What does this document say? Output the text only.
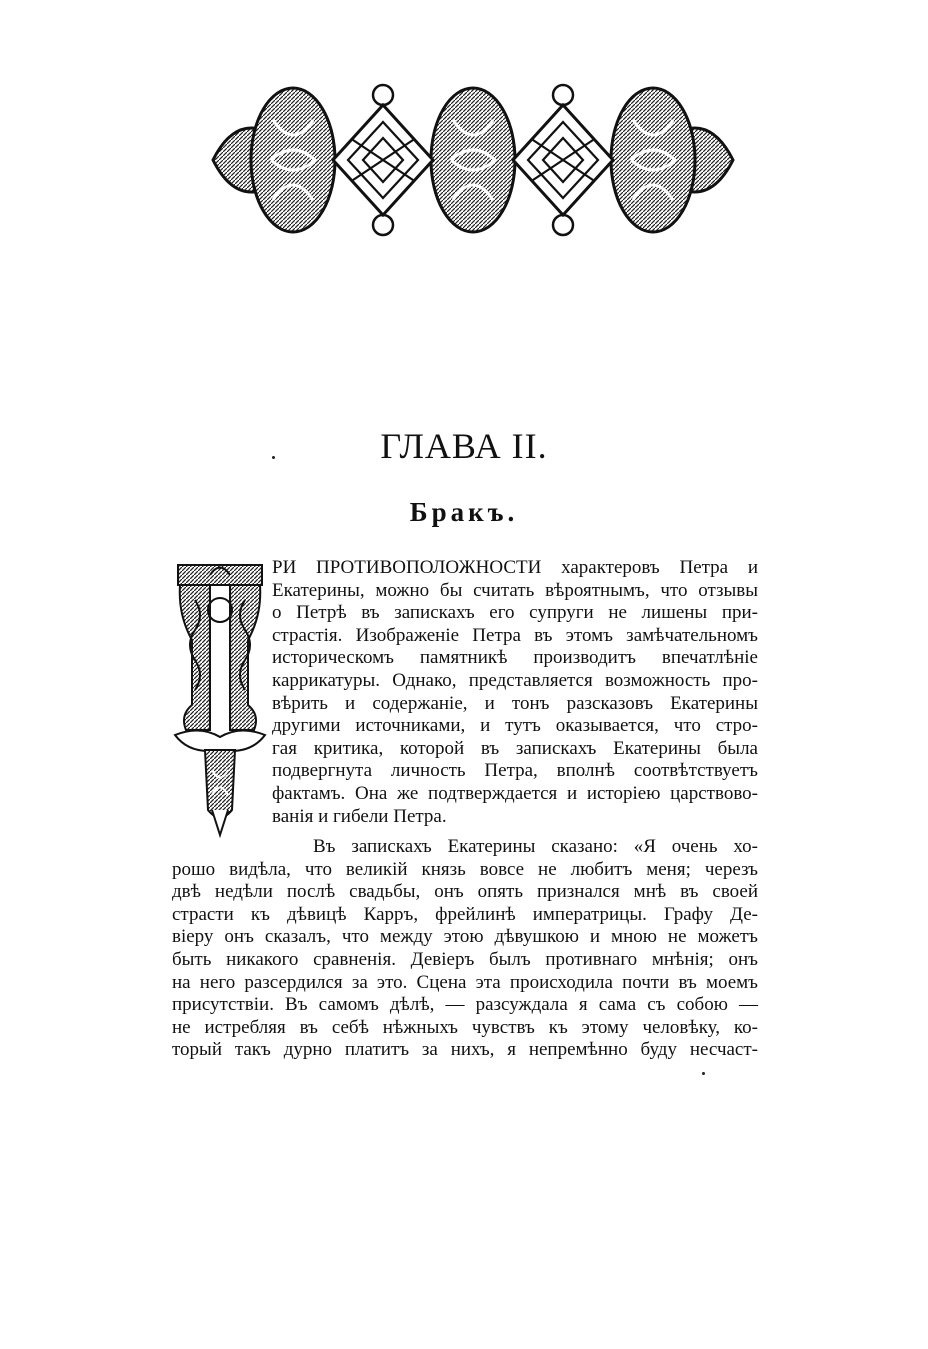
ГЛАВА II.
Бракъ.
РИ ПРОТИВОПОЛОЖНОСТИ характеровъ Петра и
Екатерины, можно бы считать вѣроятнымъ, что отзывы
о Петрѣ въ запискахъ его супруги не лишены при-
страстія. Изображеніе Петра въ этомъ замѣчательномъ
историческомъ памятникѣ производитъ впечатлѣніе
каррикатуры. Однако, представляется возможность про-
вѣрить и содержаніе, и тонъ разсказовъ Екатерины
другими источниками, и тутъ оказывается, что стро-
гая критика, которой въ запискахъ Екатерины была
подвергнута личность Петра, вполнѣ соотвѣтствуетъ
фактамъ. Она же подтверждается и исторіею царствово-
ванія и гибели Петра.
Въ запискахъ Екатерины сказано: «Я очень хо-
рошо видѣла, что великій князь вовсе не любитъ меня; черезъ
двѣ недѣли послѣ свадьбы, онъ опять признался мнѣ въ своей
страсти къ дѣвицѣ Карръ, фрейлинѣ императрицы. Графу Де-
віеру онъ сказалъ, что между этою дѣвушкою и мною не можетъ
быть никакого сравненія. Девіеръ былъ противнаго мнѣнія; онъ
на него разсердился за это. Сцена эта происходила почти въ моемъ
присутствіи. Въ самомъ дѣлѣ, — разсуждала я сама съ собою —
не истребляя въ себѣ нѣжныхъ чувствъ къ этому человѣку, ко-
торый такъ дурно платитъ за нихъ, я непремѣнно буду несчаст-
